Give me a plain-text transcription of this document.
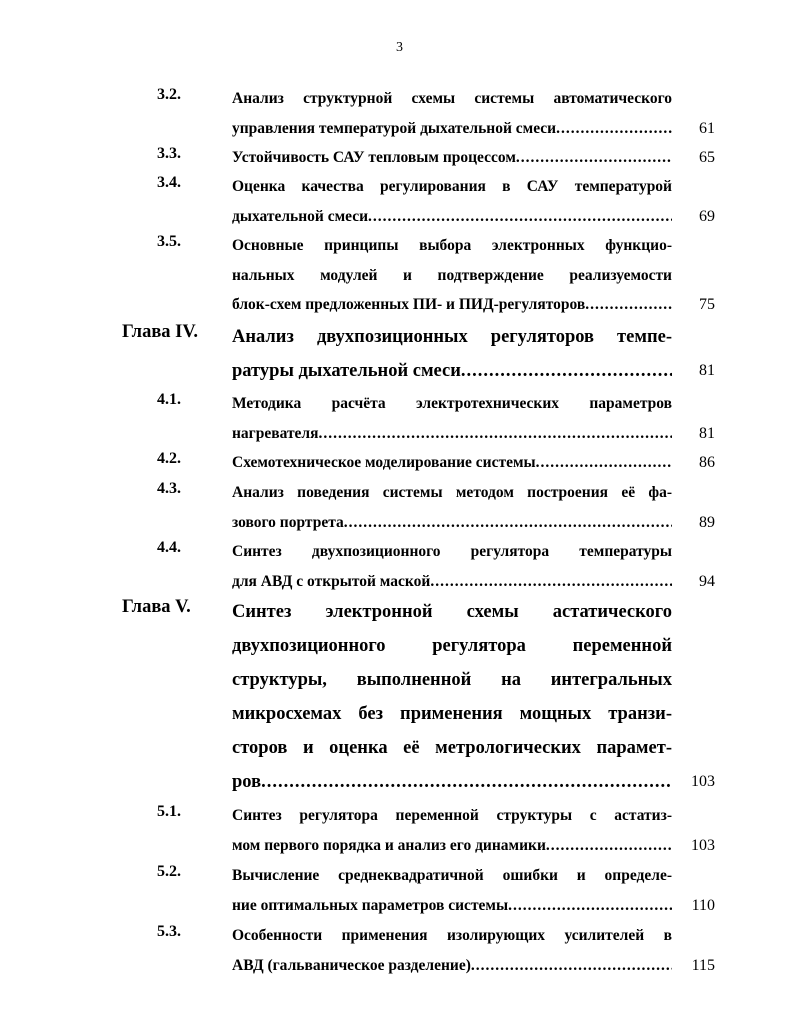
3
3.2.	Анализ структурной схемы системы автоматического
управления температурой дыхательной смеси .....	61
3.3.	Устойчивость САУ тепловым процессом .....	65
3.4.	Оценка качества регулирования в САУ температурой
дыхательной смеси .....	69
3.5.	Основные принципы выбора электронных функцио-
нальных модулей и подтверждение реализуемости
блок-схем предложенных ПИ- и ПИД-регуляторов .....	75
Глава IV. Анализ двухпозиционных регуляторов темпе-
ратуры дыхательной смеси .....	81
4.1.	Методика расчёта электротехнических параметров
нагревателя .....	81
4.2.	Схемотехническое моделирование системы .....	86
4.3.	Анализ поведения системы методом построения её фа-
зового портрета .....	89
4.4.	Синтез двухпозиционного регулятора температуры
для АВД с открытой маской .....	94
Глава V. Синтез электронной схемы астатического
двухпозиционного регулятора переменной
структуры, выполненной на интегральных
микросхемах без применения мощных транзи-
сторов и оценка её метрологических парамет-
ров .....	103
5.1.	Синтез регулятора переменной структуры с астатиз-
мом первого порядка и анализ его динамики .....	103
5.2.	Вычисление среднеквадратичной ошибки и определе-
ние оптимальных параметров системы .....	110
5.3.	Особенности применения изолирующих усилителей в
АВД (гальваническое разделение) .....	115
